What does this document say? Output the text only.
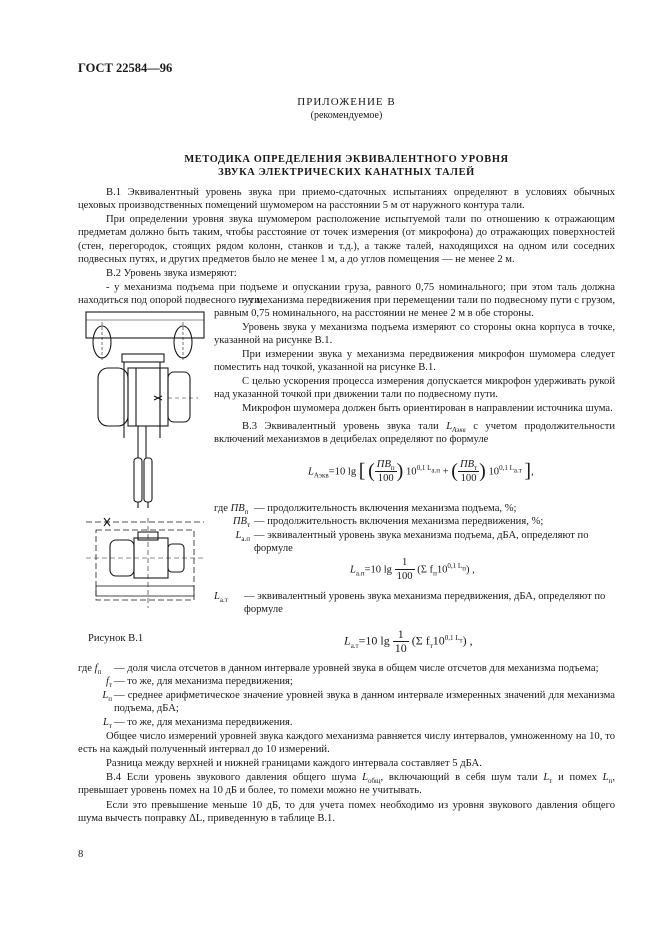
ГОСТ 22584—96
ПРИЛОЖЕНИЕ В
(рекомендуемое)
МЕТОДИКА ОПРЕДЕЛЕНИЯ ЭКВИВАЛЕНТНОГО УРОВНЯ
ЗВУКА ЭЛЕКТРИЧЕСКИХ КАНАТНЫХ ТАЛЕЙ
В.1 Эквивалентный уровень звука при приемо-сдаточных испытаниях определяют в условиях обычных цеховых производственных помещений шумомером на расстоянии 5 м от наружного контура тали.
При определении уровня звука шумомером расположение испытуемой тали по отношению к отражающим предметам должно быть таким, чтобы расстояние от точек измерения (от микрофона) до отражающих поверхностей (стен, перегородок, стоящих рядом колонн, станков и т.д.), а также талей, находящихся на одном или соседних подвесных путях, и других предметов было не менее 1 м, а до углов помещения — не менее 2 м.
В.2 Уровень звука измеряют:
- у механизма подъема при подъеме и опускании груза, равного 0,75 номинального; при этом таль должна находиться под опорой подвесного пути;
- у механизма передвижения при перемещении тали по подвесному пути с грузом, равным 0,75 номинального, на расстоянии не менее 2 м в обе стороны.
Уровень звука у механизма подъема измеряют со стороны окна корпуса в точке, указанной на рисунке В.1.
При измерении звука у механизма передвижения микрофон шумомера следует поместить над точкой, указанной на рисунке В.1.
С целью ускорения процесса измерения допускается микрофон удерживать рукой над указанной точкой при движении тали по подвесному пути.
Микрофон шумомера должен быть ориентирован в направлении источника шума.
В.3 Эквивалентный уровень звука тали $L_{Аэкв}$ с учетом продолжительности включений механизмов в децибелах определяют по формуле
$L_{Аэкв}=10$ lg [ ( $\frac{ПВ_п}{100}$ ) $10^{0,1 L_{а.п}}$ + ( $\frac{ПВ_т}{100}$ ) $10^{0,1 L_{а.т}}$ ],
где $ПВ_п$	— продолжительность включения механизма подъема, %;
$ПВ_т$	— продолжительность включения механизма передвижения, %;
$L_{а.п}$	— эквивалентный уровень звука механизма подъема, дБА, определяют по формуле
$L_{а.п}=10$ $\lg \frac{1}{100} (\Sigma$ $f_п10^{0,1 L_п}$) ,
$L_{а.т}$	— эквивалентный уровень звука механизма передвижения, дБА, определяют по формуле
Рисунок В.1	$L_{а.т}=10$ $\lg \frac{1}{10} (\Sigma$ $f_т10^{0,1 L_т}$) ,
где $f_п$	— доля числа отсчетов в данном интервале уровней звука в общем числе отсчетов для механизма подъема;
$f_т$	— то же, для механизма передвижения;
$L_п$	— среднее арифметическое значение уровней звука в данном интервале измеренных значений для механизма подъема, дБА;
$L_т$	— то же, для механизма передвижения.
Общее число измерений уровней звука каждого механизма равняется числу интервалов, умноженному на 10, то есть на каждый полученный интервал до 10 измерений.
Разница между верхней и нижней границами каждого интервала составляет 5 дБА.
В.4 Если уровень звукового давления общего шума $L_{общ}$, включающий в себя шум тали $L_т$ и помех $L_п$, превышает уровень помех на 10 дБ и более, то помехи можно не учитывать.
Если это превышение меньше 10 дБ, то для учета помех необходимо из уровня звукового давления общего шума вычесть поправку ΔL, приведенную в таблице В.1.
8
